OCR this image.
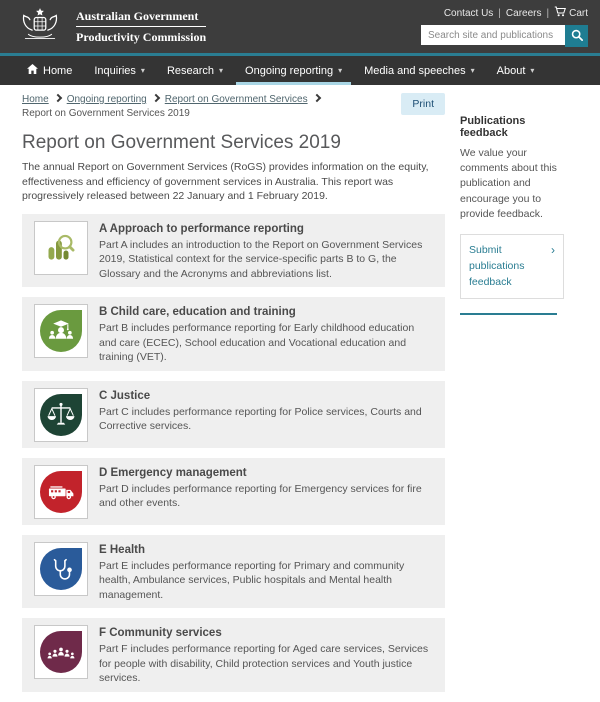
Australian Government
Productivity Commission
Contact Us | Careers | Cart
Search site and publications
Home Inquiries ▾ Research ▾ Ongoing reporting ▾ Media and speeches ▾ About ▾
Home Ongoing reporting Report on Government ServicesReport on Government Services 2019
Print
Report on Government Services 2019

The annual Report on Government Services (RoGS) provides information on the equity, effectiveness and efficiency of government services in Australia. This report was progressively released between 22 January and 1 February 2019.

A Approach to performance reporting

Part A includes an introduction to the Report on Government Services 2019, Statistical context for the service-specific parts B to G, the Glossary and the Acronyms and abbreviations list.

B Child care, education and training

Part B includes performance reporting for Early childhood education and care (ECEC), School education and Vocational education and training (VET).

C Justice

Part C includes performance reporting for Police services, Courts and Corrective services.

D Emergency management

Part D includes performance reporting for Emergency services for fire and other events.

E Health

Part E includes performance reporting for Primary and community health, Ambulance services, Public hospitals and Mental health management.

F Community services

Part F includes performance reporting for Aged care services, Services for people with disability, Child protection services and Youth justice services.

Publications feedback

We value your comments about this publication and encourage you to provide feedback.

Submit publications feedback
›
